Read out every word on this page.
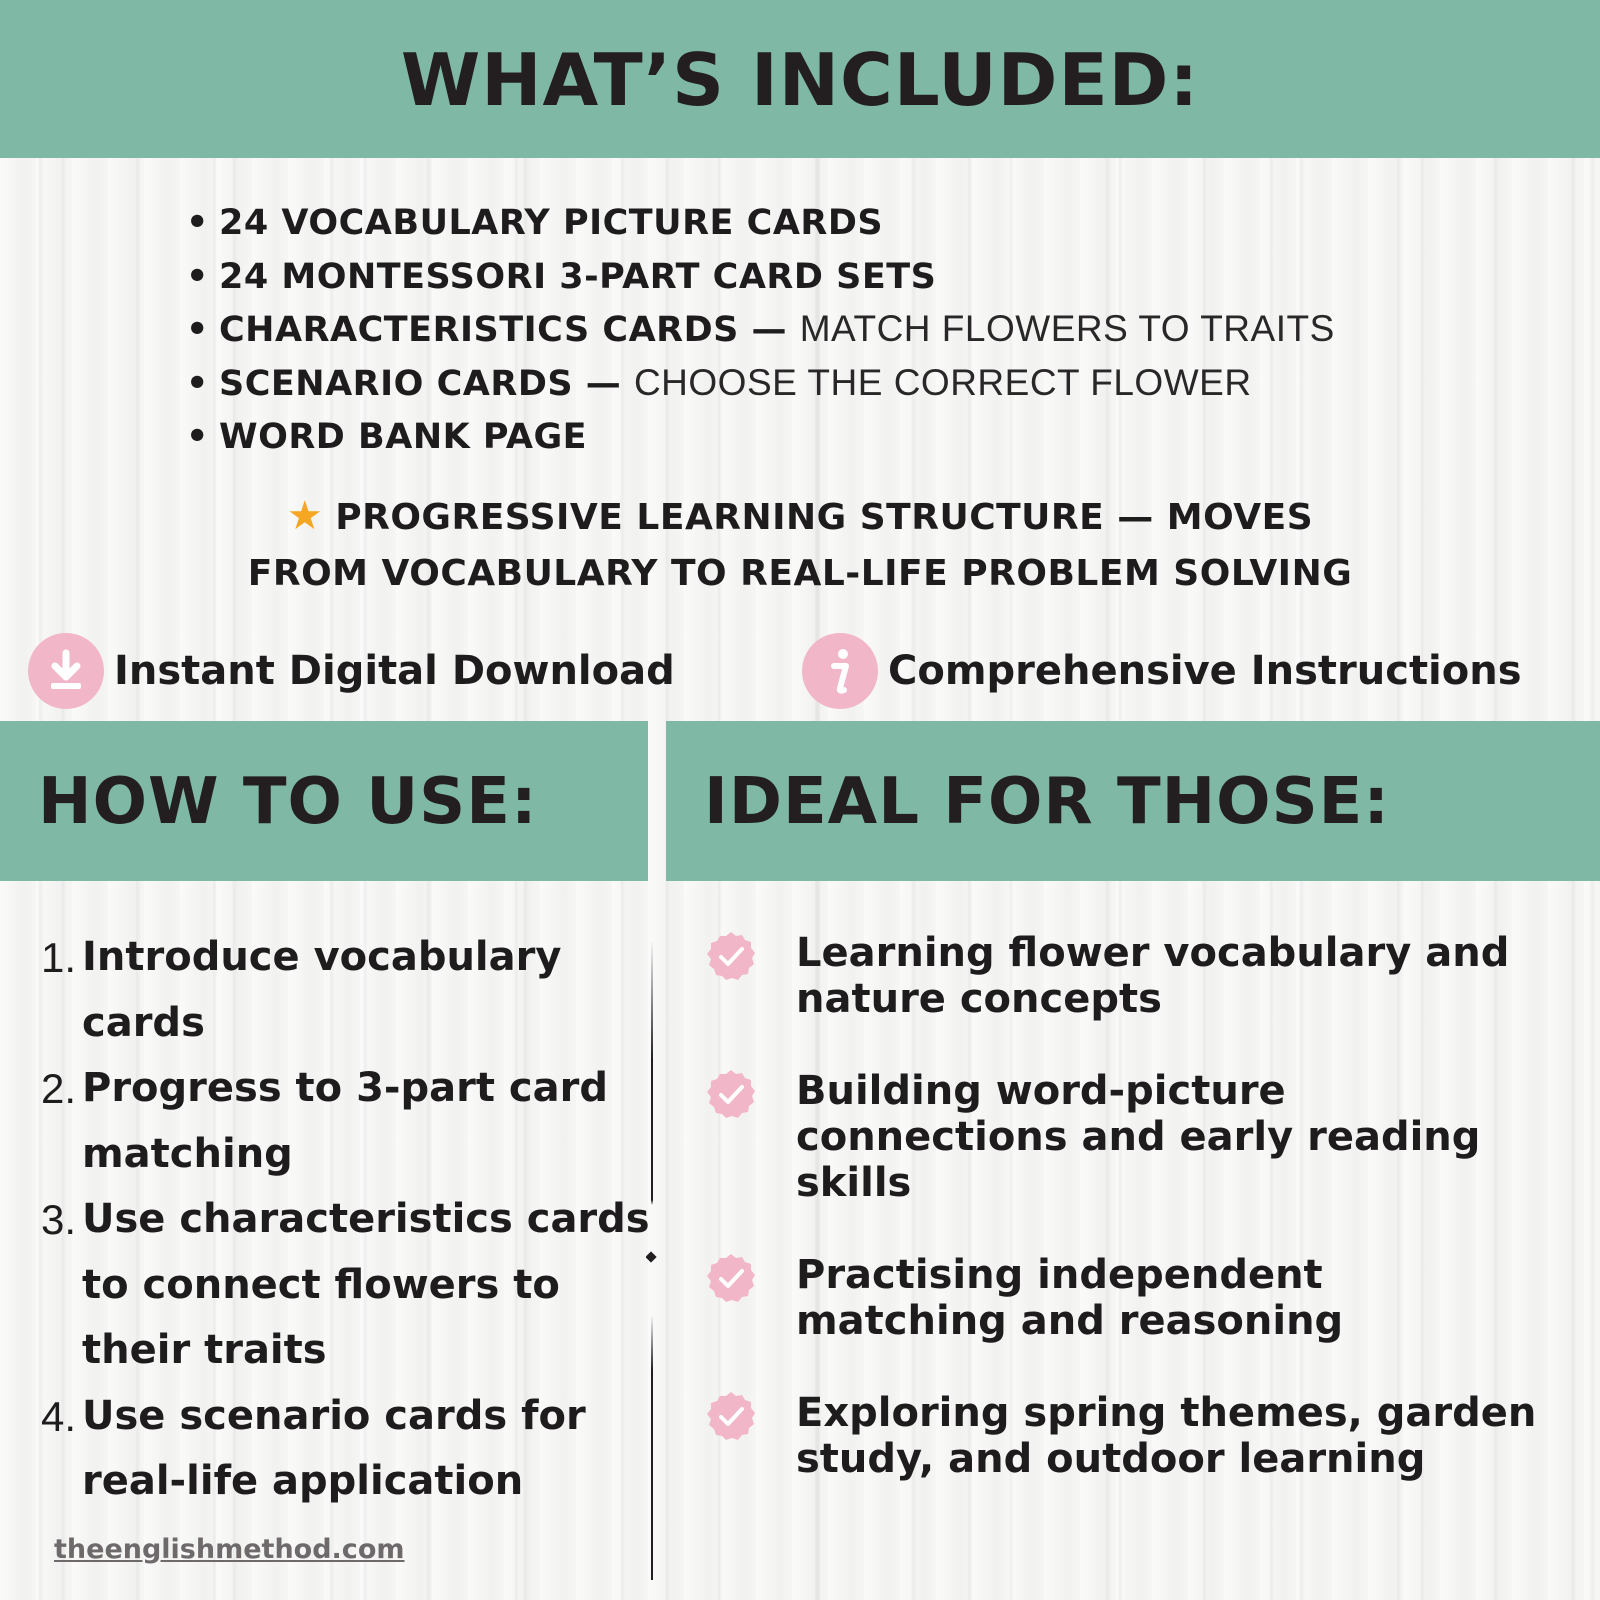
WHAT’S INCLUDED:
• 24 VOCABULARY PICTURE CARDS
• 24 MONTESSORI 3-PART CARD SETS
• CHARACTERISTICS CARDS — MATCH FLOWERS TO TRAITS
• SCENARIO CARDS — CHOOSE THE CORRECT FLOWER
• WORD BANK PAGE

★ PROGRESSIVE LEARNING STRUCTURE — MOVES
FROM VOCABULARY TO REAL-LIFE PROBLEM SOLVING

Instant Digital Download	Comprehensive Instructions
HOW TO USE:	IDEAL FOR THOSE:
1. Introduce vocabulary cards
2. Progress to 3-part card matching
3. Use characteristics cards to connect flowers to their traits
4. Use scenario cards for real-life application
Learning flower vocabulary and nature concepts
Building word-picture connections and early reading skills
Practising independent matching and reasoning
Exploring spring themes, garden study, and outdoor learning

theenglishmethod.com
